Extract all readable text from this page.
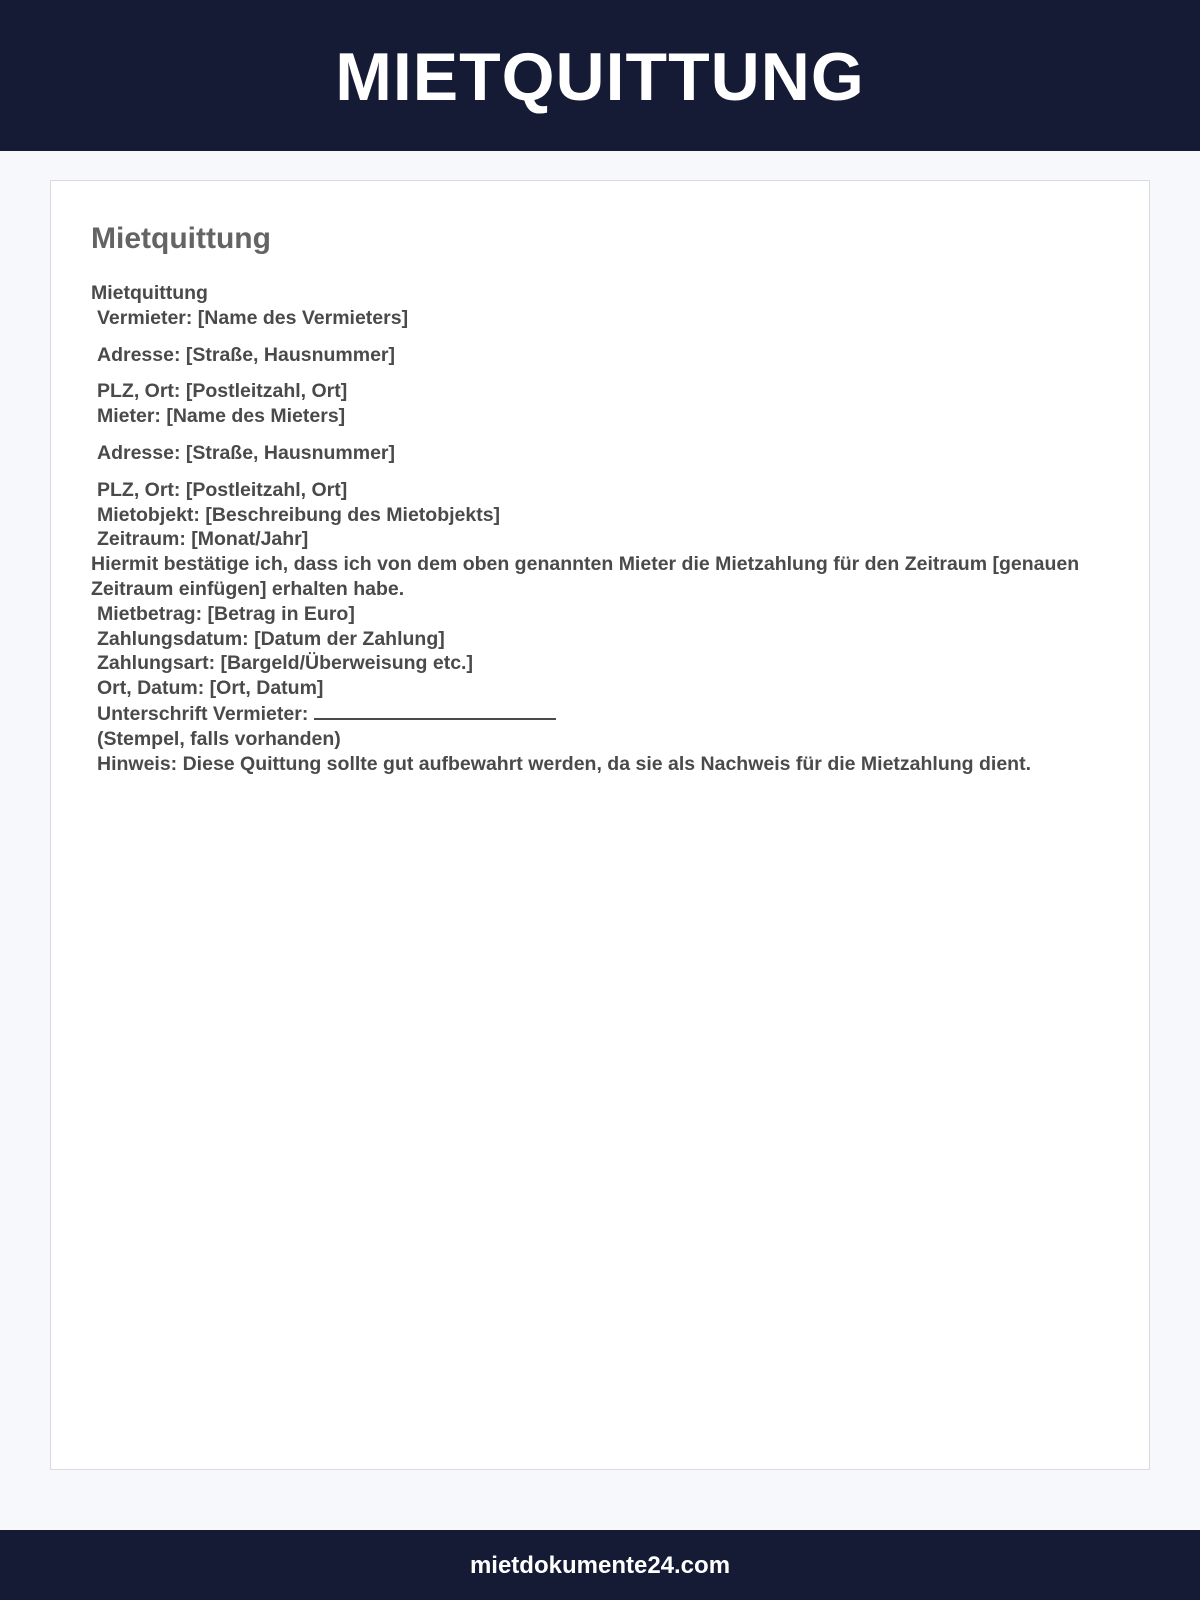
MIETQUITTUNG
Mietquittung
Mietquittung
Vermieter: [Name des Vermieters]
Adresse: [Straße, Hausnummer]
PLZ, Ort: [Postleitzahl, Ort]
Mieter: [Name des Mieters]
Adresse: [Straße, Hausnummer]
PLZ, Ort: [Postleitzahl, Ort]
Mietobjekt: [Beschreibung des Mietobjekts]
Zeitraum: [Monat/Jahr]
Hiermit bestätige ich, dass ich von dem oben genannten Mieter die Mietzahlung für den Zeitraum [genauen Zeitraum einfügen] erhalten habe.
Mietbetrag: [Betrag in Euro]
Zahlungsdatum: [Datum der Zahlung]
Zahlungsart: [Bargeld/Überweisung etc.]
Ort, Datum: [Ort, Datum]
Unterschrift Vermieter:
(Stempel, falls vorhanden)
Hinweis: Diese Quittung sollte gut aufbewahrt werden, da sie als Nachweis für die Mietzahlung dient.
mietdokumente24.com
